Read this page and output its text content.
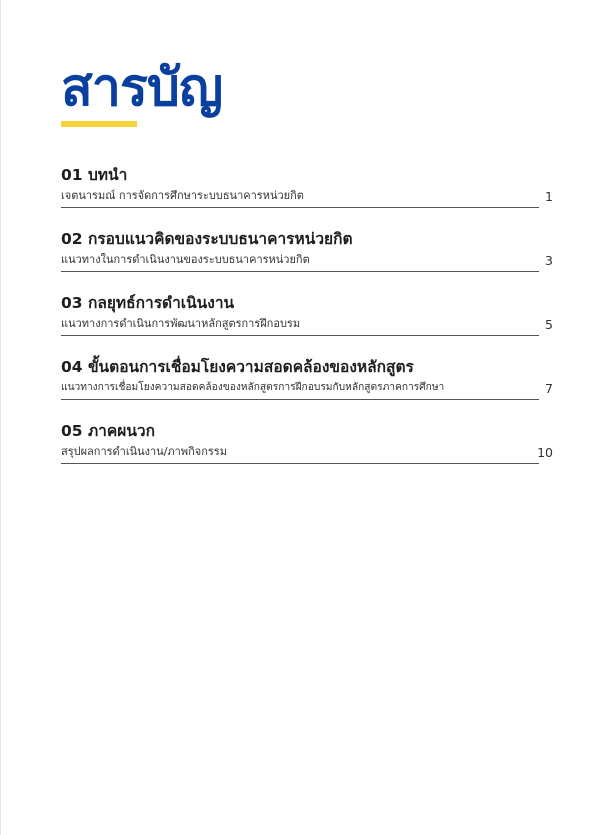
สารบัญ
01 บทนำ
เจตนารมณ์ การจัดการศึกษาระบบธนาคารหน่วยกิต	1
02 กรอบแนวคิดของระบบธนาคารหน่วยกิต
แนวทางในการดำเนินงานของระบบธนาคารหน่วยกิต	3
03 กลยุทธ์การดำเนินงาน
แนวทางการดำเนินการพัฒนาหลักสูตรการฝึกอบรม	5
04 ขั้นตอนการเชื่อมโยงความสอดคล้องของหลักสูตร
แนวทางการเชื่อมโยงความสอดคล้องของหลักสูตรการฝึกอบรมกับหลักสูตรภาคการศึกษา	7
05 ภาคผนวก
สรุปผลการดำเนินงาน/ภาพกิจกรรม	10
